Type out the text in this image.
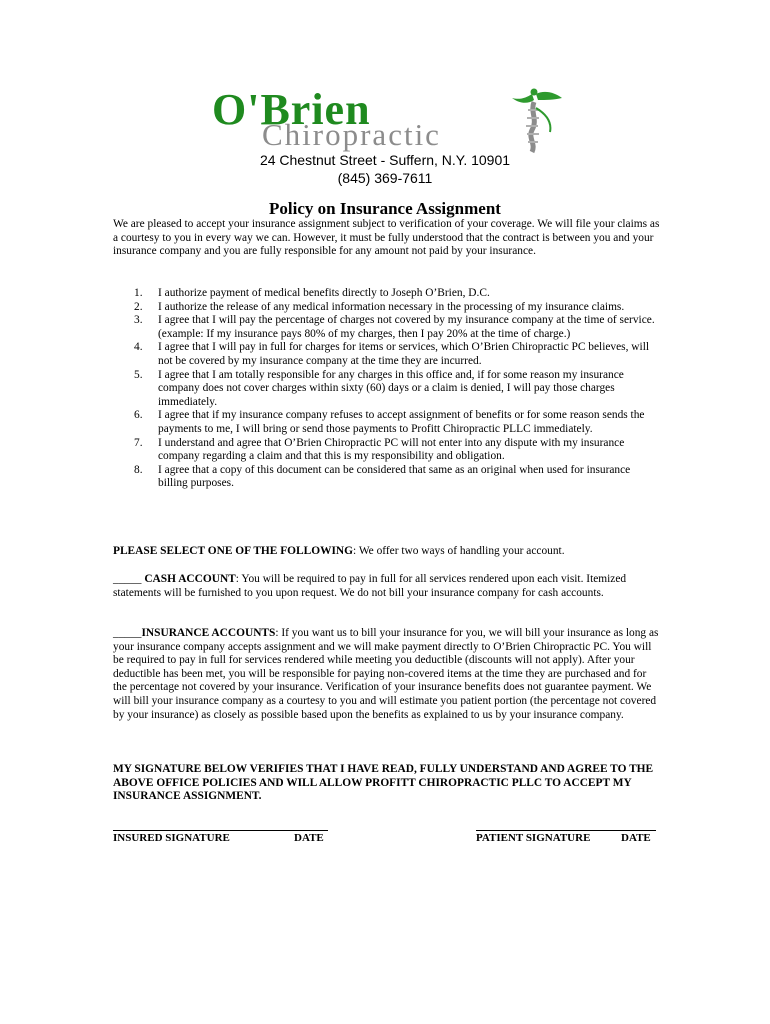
O'Brien
Chiropractic
24 Chestnut Street - Suffern, N.Y. 10901
(845) 369-7611
Policy on Insurance Assignment
We are pleased to accept your insurance assignment subject to verification of your coverage. We will file your claims as a courtesy to you in every way we can. However, it must be fully understood that the contract is between you and your insurance company and you are fully responsible for any amount not paid by your insurance.
1. I authorize payment of medical benefits directly to Joseph O’Brien, D.C.
2. I authorize the release of any medical information necessary in the processing of my insurance claims.
3. I agree that I will pay the percentage of charges not covered by my insurance company at the time of service. (example: If my insurance pays 80% of my charges, then I pay 20% at the time of charge.)
4. I agree that I will pay in full for charges for items or services, which O’Brien Chiropractic PC believes, will not be covered by my insurance company at the time they are incurred.
5. I agree that I am totally responsible for any charges in this office and, if for some reason my insurance company does not cover charges within sixty (60) days or a claim is denied, I will pay those charges immediately.
6. I agree that if my insurance company refuses to accept assignment of benefits or for some reason sends the payments to me, I will bring or send those payments to Profitt Chiropractic PLLC immediately.
7. I understand and agree that O’Brien Chiropractic PC will not enter into any dispute with my insurance company regarding a claim and that this is my responsibility and obligation.
8. I agree that a copy of this document can be considered that same as an original when used for insurance billing purposes.
PLEASE SELECT ONE OF THE FOLLOWING: We offer two ways of handling your account.
_____ CASH ACCOUNT: You will be required to pay in full for all services rendered upon each visit. Itemized statements will be furnished to you upon request. We do not bill your insurance company for cash accounts.
_____INSURANCE ACCOUNTS: If you want us to bill your insurance for you, we will bill your insurance as long as your insurance company accepts assignment and we will make payment directly to O’Brien Chiropractic PC. You will be required to pay in full for services rendered while meeting you deductible (discounts will not apply). After your deductible has been met, you will be responsible for paying non-covered items at the time they are purchased and for the percentage not covered by your insurance. Verification of your insurance benefits does not guarantee payment. We will bill your insurance company as a courtesy to you and will estimate you patient portion (the percentage not covered by your insurance) as closely as possible based upon the benefits as explained to us by your insurance company.
MY SIGNATURE BELOW VERIFIES THAT I HAVE READ, FULLY UNDERSTAND AND AGREE TO THE ABOVE OFFICE POLICIES AND WILL ALLOW PROFITT CHIROPRACTIC PLLC TO ACCEPT MY INSURANCE ASSIGNMENT.
INSURED SIGNATURE	DATE	PATIENT SIGNATURE	DATE
